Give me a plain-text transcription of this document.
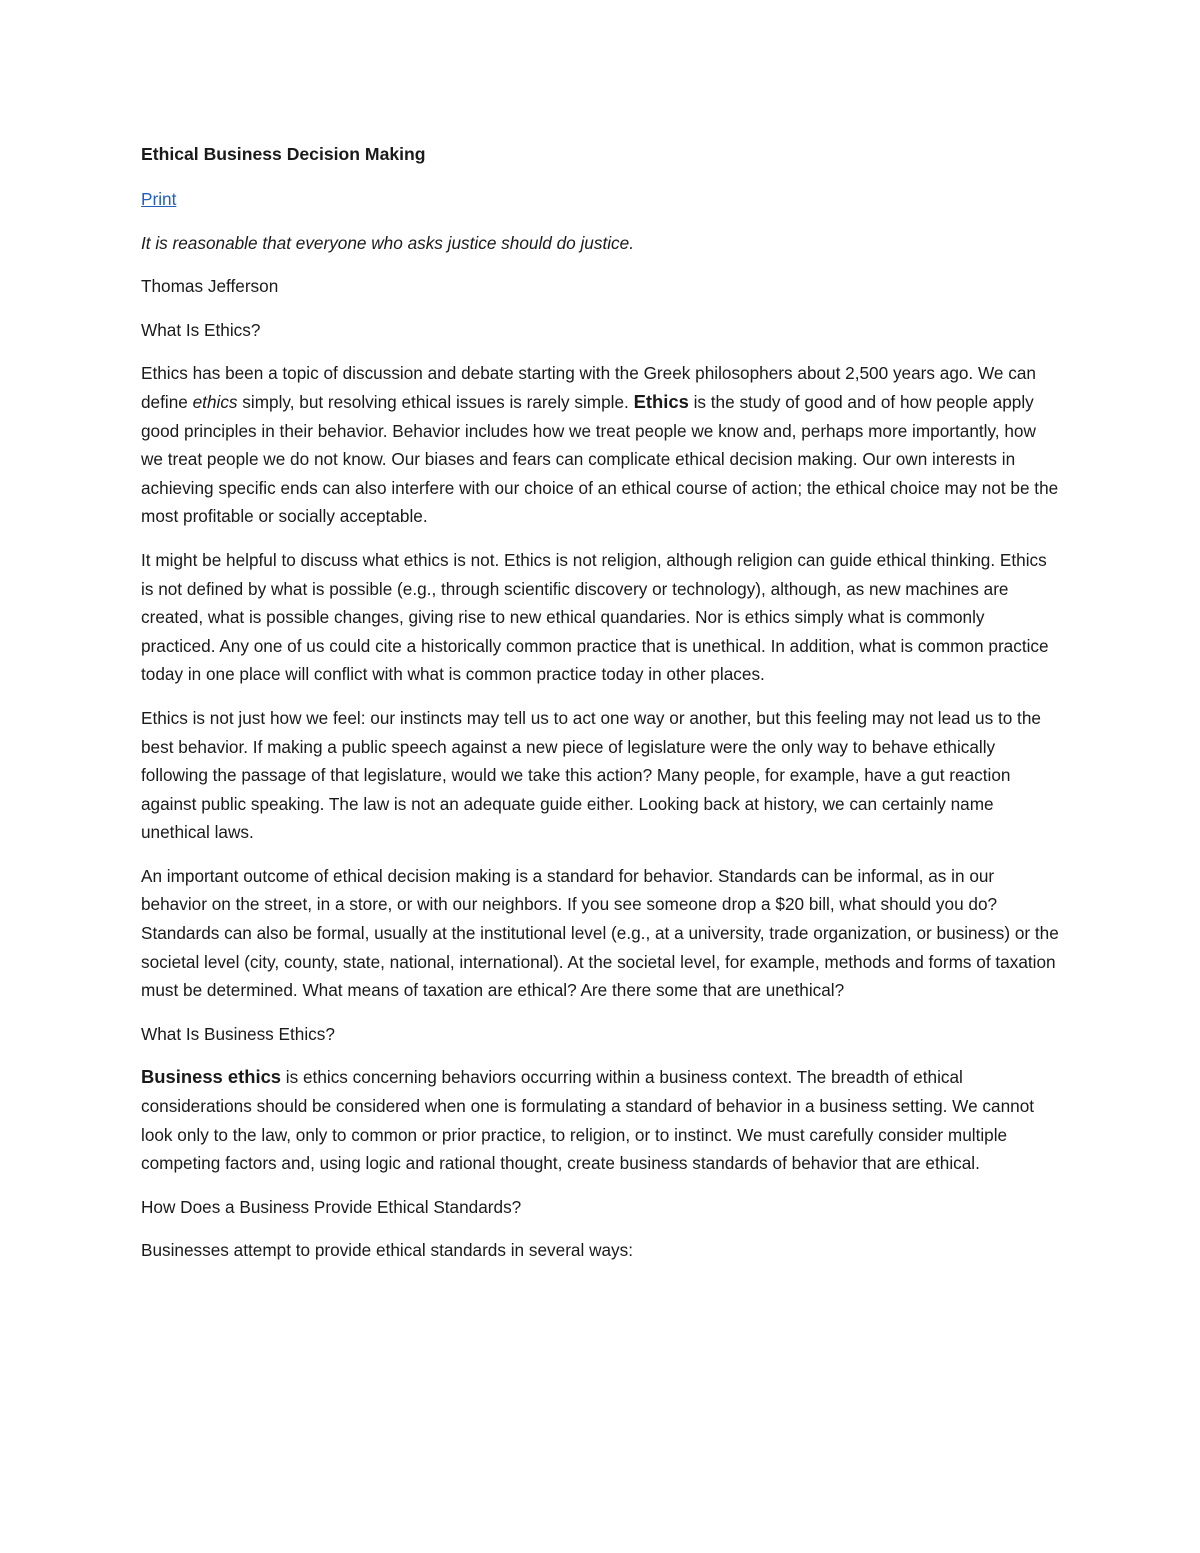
Ethical Business Decision Making
Print
It is reasonable that everyone who asks justice should do justice.
Thomas Jefferson
What Is Ethics?

Ethics has been a topic of discussion and debate starting with the Greek philosophers about 2,500 years ago. We can define ethics simply, but resolving ethical issues is rarely simple. Ethics is the study of good and of how people apply good principles in their behavior. Behavior includes how we treat people we know and, perhaps more importantly, how we treat people we do not know. Our biases and fears can complicate ethical decision making. Our own interests in achieving specific ends can also interfere with our choice of an ethical course of action; the ethical choice may not be the most profitable or socially acceptable.

It might be helpful to discuss what ethics is not. Ethics is not religion, although religion can guide ethical thinking. Ethics is not defined by what is possible (e.g., through scientific discovery or technology), although, as new machines are created, what is possible changes, giving rise to new ethical quandaries. Nor is ethics simply what is commonly practiced. Any one of us could cite a historically common practice that is unethical. In addition, what is common practice today in one place will conflict with what is common practice today in other places.

Ethics is not just how we feel: our instincts may tell us to act one way or another, but this feeling may not lead us to the best behavior. If making a public speech against a new piece of legislature were the only way to behave ethically following the passage of that legislature, would we take this action? Many people, for example, have a gut reaction against public speaking. The law is not an adequate guide either. Looking back at history, we can certainly name unethical laws.

An important outcome of ethical decision making is a standard for behavior. Standards can be informal, as in our behavior on the street, in a store, or with our neighbors. If you see someone drop a $20 bill, what should you do? Standards can also be formal, usually at the institutional level (e.g., at a university, trade organization, or business) or the societal level (city, county, state, national, international). At the societal level, for example, methods and forms of taxation must be determined. What means of taxation are ethical? Are there some that are unethical?

What Is Business Ethics?

Business ethics is ethics concerning behaviors occurring within a business context. The breadth of ethical considerations should be considered when one is formulating a standard of behavior in a business setting. We cannot look only to the law, only to common or prior practice, to religion, or to instinct. We must carefully consider multiple competing factors and, using logic and rational thought, create business standards of behavior that are ethical.

How Does a Business Provide Ethical Standards?

Businesses attempt to provide ethical standards in several ways:
